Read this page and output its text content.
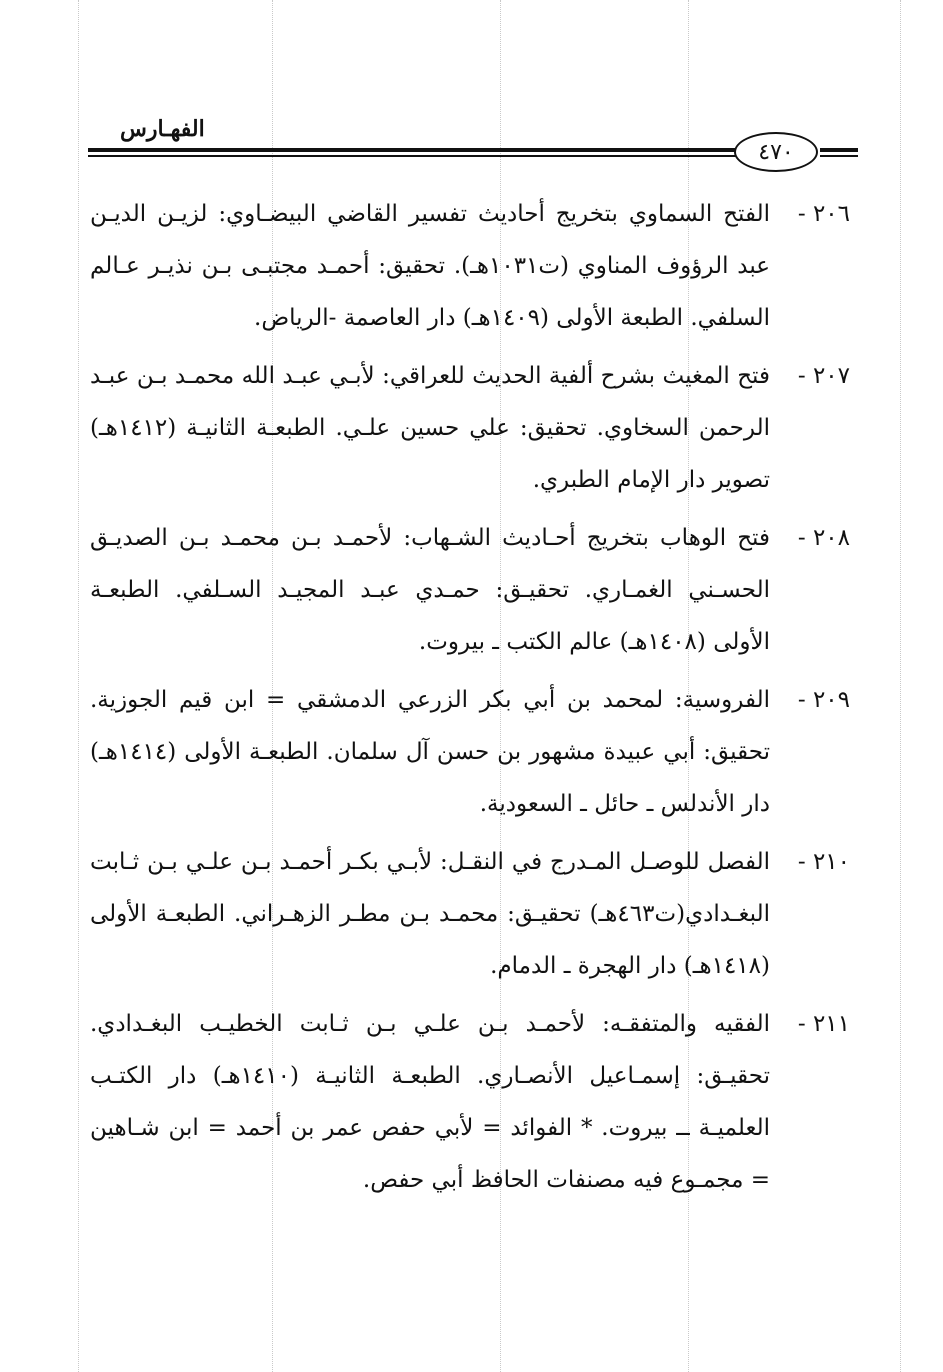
الفهـارس
٤٧٠
٢٠٦ -
الفتح السماوي بتخريج أحاديث تفسير القاضي البيضـاوي: لزيـن الديـن عبد الرؤوف المناوي (ت١٠٣١هـ). تحقيق: أحمـد مجتبـى بـن نذيـر عـالم السلفي. الطبعة الأولى (١٤٠٩هـ) دار العاصمة -الرياض.
٢٠٧ -
فتح المغيث بشرح ألفية الحديث للعراقي: لأبـي عبـد الله محمـد بـن عبـد الرحمن السخاوي. تحقيق: علي حسين علـي. الطبعـة الثانيـة (١٤١٢هـ) تصوير دار الإمام الطبري.
٢٠٨ -
فتح الوهاب بتخريج أحـاديث الشـهاب: لأحمـد بـن محمـد بـن الصديـق الحسـني الغمـاري. تحقيـق: حمـدي عبـد المجيـد السـلفي. الطبعـة الأولى (١٤٠٨هـ) عالم الكتب ـ بيروت.
٢٠٩ -
الفروسية: لمحمد بن أبي بكر الزرعي الدمشقي = ابن قيم الجوزية. تحقيق: أبي عبيدة مشهور بن حسن آل سلمان. الطبعـة الأولى (١٤١٤هـ) دار الأندلس ـ حائل ـ السعودية.
٢١٠ -
الفصل للوصـل المـدرج في النقـل: لأبـي بكـر أحمـد بـن علـي بـن ثـابت البغـدادي(ت٤٦٣هـ) تحقيـق: محمـد بـن مطـر الزهـراني. الطبعـة الأولى (١٤١٨هـ) دار الهجرة ـ الدمام.
٢١١ -
الفقيه والمتفقـه: لأحمـد بـن علـي بـن ثـابت الخطيـب البغـدادي. تحقيـق: إسمـاعيل الأنصـاري. الطبعـة الثانيـة (١٤١٠هـ) دار الكتـب العلميـة ــ بيروت. * الفوائد = لأبي حفص عمر بن أحمد = ابن شـاهين = مجمـوع فيه مصنفات الحافظ أبي حفص.
